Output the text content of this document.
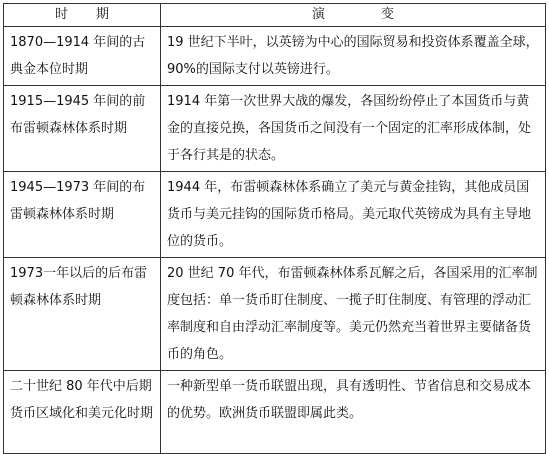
时 期	演 变
1870—1914 年间的古典金本位时期	19 世纪下半叶，以英镑为中心的国际贸易和投资体系覆盖全球，90%的国际支付以英镑进行。
1915—1945 年间的前布雷顿森林体系时期	1914 年第一次世界大战的爆发，各国纷纷停止了本国货币与黄金的直接兑换，各国货币之间没有一个固定的汇率形成体制，处于各行其是的状态。
1945—1973 年间的布雷顿森林体系时期	1944 年，布雷顿森林体系确立了美元与黄金挂钩，其他成员国货币与美元挂钩的国际货币格局。美元取代英镑成为具有主导地位的货币。
1973一年以后的后布雷顿森林体系时期	20 世纪 70 年代，布雷顿森林体系瓦解之后，各国采用的汇率制度包括：单一货币盯住制度、一揽子盯住制度、有管理的浮动汇率制度和自由浮动汇率制度等。美元仍然充当着世界主要储备货币的角色。
二十世纪 80 年代中后期货币区域化和美元化时期	一种新型单一货币联盟出现，具有透明性、节省信息和交易成本的优势。欧洲货币联盟即属此类。
